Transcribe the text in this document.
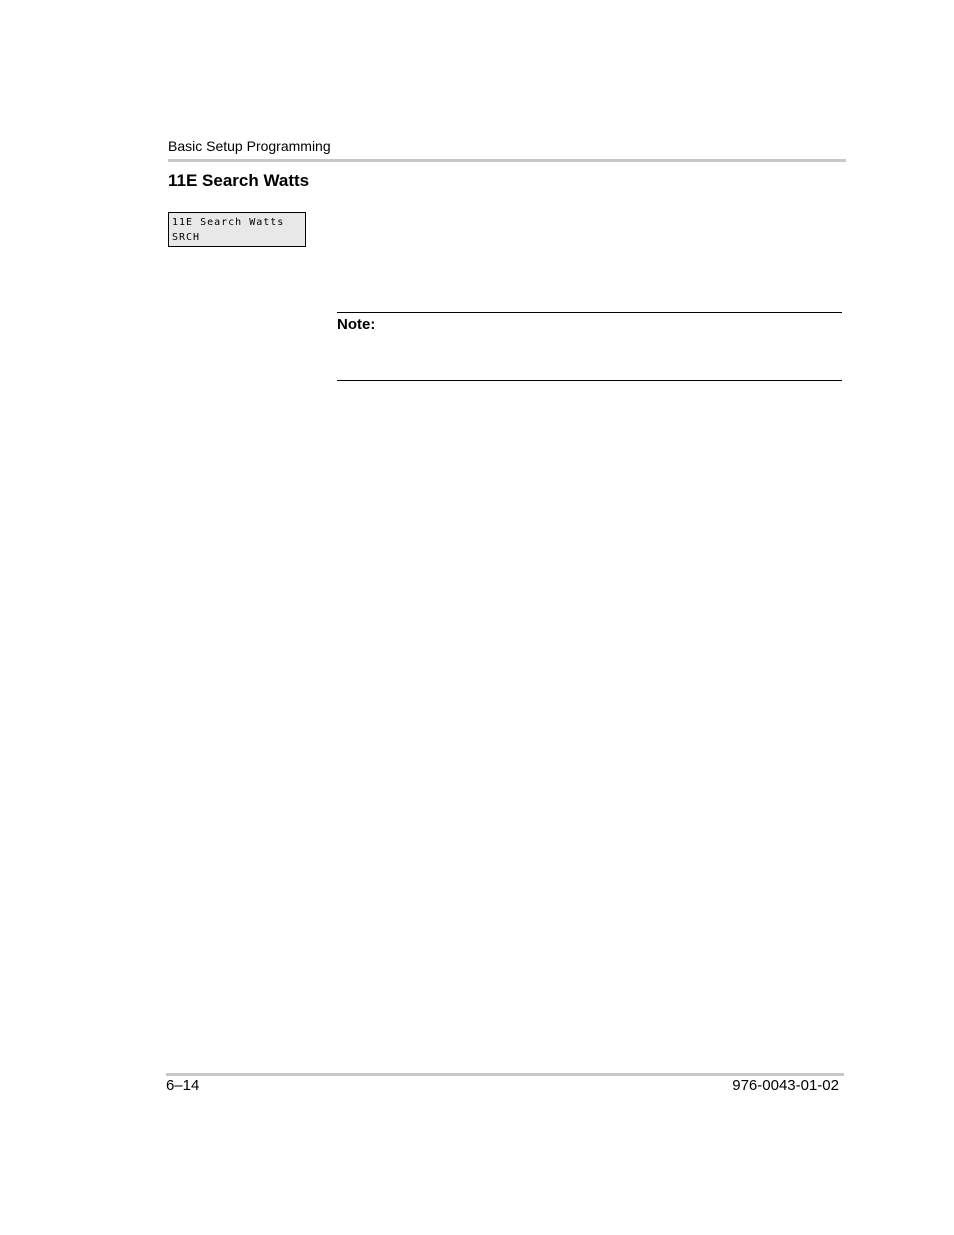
Basic Setup Programming
11E Search Watts
11E Search Watts
SRCH
Note:
6–14	976-0043-01-02
